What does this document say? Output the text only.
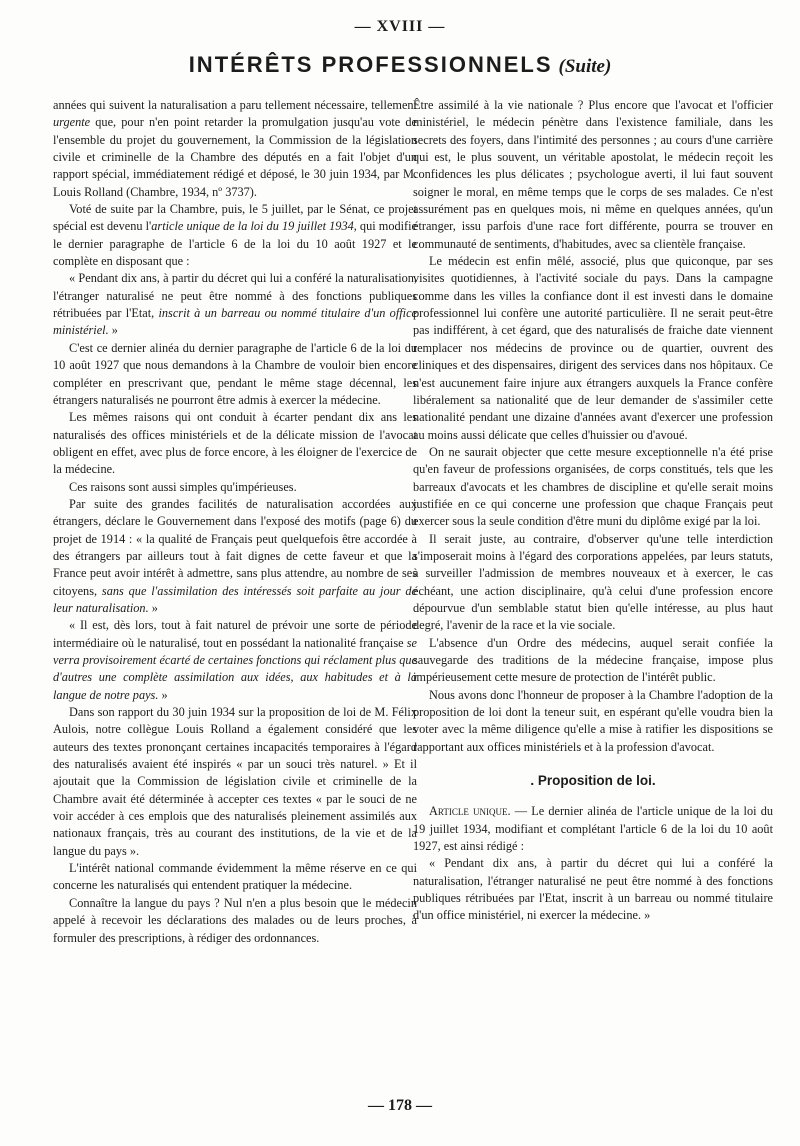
— XVIII —
INTÉRÊTS PROFESSIONNELS (Suite)

années qui suivent la naturalisation a paru tellement nécessaire, tellement urgente que, pour n'en point retarder la promulgation jusqu'au vote de l'ensemble du projet du gouvernement, la Commission de la législation civile et criminelle de la Chambre des députés en a fait l'objet d'un rapport spécial, immédiatement rédigé et déposé, le 30 juin 1934, par M. Louis Rolland (Chambre, 1934, nº 3737).

Voté de suite par la Chambre, puis, le 5 juillet, par le Sénat, ce projet spécial est devenu l'article unique de la loi du 19 juillet 1934, qui modifie le dernier paragraphe de l'article 6 de la loi du 10 août 1927 et le complète en disposant que :

« Pendant dix ans, à partir du décret qui lui a conféré la naturalisation, l'étranger naturalisé ne peut être nommé à des fonctions publiques rétribuées par l'Etat, inscrit à un barreau ou nommé titulaire d'un office ministériel. »

C'est ce dernier alinéa du dernier paragraphe de l'article 6 de la loi du 10 août 1927 que nous demandons à la Chambre de vouloir bien encore compléter en prescrivant que, pendant le même stage décennal, les étrangers naturalisés ne pourront être admis à exercer la médecine.

Les mêmes raisons qui ont conduit à écarter pendant dix ans les naturalisés des offices ministériels et de la délicate mission de l'avocat obligent en effet, avec plus de force encore, à les éloigner de l'exercice de la médecine.

Ces raisons sont aussi simples qu'impérieuses.

Par suite des grandes facilités de naturalisation accordées aux étrangers, déclare le Gouvernement dans l'exposé des motifs (page 6) du projet de 1914 : « la qualité de Français peut quelquefois être accordée à des étrangers par ailleurs tout à fait dignes de cette faveur et que la France peut avoir intérêt à admettre, sans plus attendre, au nombre de ses citoyens, sans que l'assimilation des intéressés soit parfaite au jour de leur naturalisation. »

« Il est, dès lors, tout à fait naturel de prévoir une sorte de période intermédiaire où le naturalisé, tout en possédant la nationalité française se verra provisoirement écarté de certaines fonctions qui réclament plus que d'autres une complète assimilation aux idées, aux habitudes et à la langue de notre pays. »

Dans son rapport du 30 juin 1934 sur la proposition de loi de M. Félix Aulois, notre collègue Louis Rolland a également considéré que les auteurs des textes prononçant certaines incapacités temporaires à l'égard des naturalisés avaient été inspirés « par un souci très naturel. » Et il ajoutait que la Commission de législation civile et criminelle de la Chambre avait été déterminée à accepter ces textes « par le souci de ne voir accéder à ces emplois que des naturalisés pleinement assimilés aux nationaux français, très au courant des institutions, de la vie et de la langue du pays ».

L'intérêt national commande évidemment la même réserve en ce qui concerne les naturalisés qui entendent pratiquer la médecine.

Connaître la langue du pays ? Nul n'en a plus besoin que le médecin appelé à recevoir les déclarations des malades ou de leurs proches, à formuler des prescriptions, à rédiger des ordonnances.

Être assimilé à la vie nationale ? Plus encore que l'avocat et l'officier ministériel, le médecin pénètre dans l'existence familiale, dans les secrets des foyers, dans l'intimité des personnes ; au cours d'une carrière qui est, le plus souvent, un véritable apostolat, le médecin reçoit les confidences les plus délicates ; psychologue averti, il lui faut souvent soigner le moral, en même temps que le corps de ses malades. Ce n'est assurément pas en quelques mois, ni même en quelques années, qu'un étranger, issu parfois d'une race fort différente, pourra se trouver en communauté de sentiments, d'habitudes, avec sa clientèle française.

Le médecin est enfin mêlé, associé, plus que quiconque, par ses visites quotidiennes, à l'activité sociale du pays. Dans la campagne comme dans les villes la confiance dont il est investi dans le domaine professionnel lui confère une autorité particulière. Il ne serait peut-être pas indifférent, à cet égard, que des naturalisés de fraiche date viennent remplacer nos médecins de province ou de quartier, ouvrent des cliniques et des dispensaires, dirigent des services dans nos hôpitaux. Ce n'est aucunement faire injure aux étrangers auxquels la France confère libéralement sa nationalité que de leur demander de s'assimiler cette nationalité pendant une dizaine d'années avant d'exercer une profession au moins aussi délicate que celles d'huissier ou d'avoué.

On ne saurait objecter que cette mesure exceptionnelle n'a été prise qu'en faveur de professions organisées, de corps constitués, tels que les barreaux d'avocats et les chambres de discipline et qu'elle serait moins justifiée en ce qui concerne une profession que chaque Français peut exercer sous la seule condition d'être muni du diplôme exigé par la loi.

Il serait juste, au contraire, d'observer qu'une telle interdiction s'imposerait moins à l'égard des corporations appelées, par leurs statuts, à surveiller l'admission de membres nouveaux et à exercer, le cas échéant, une action disciplinaire, qu'à celui d'une profession encore dépourvue d'un semblable statut bien qu'elle intéresse, au plus haut degré, l'avenir de la race et la vie sociale.

L'absence d'un Ordre des médecins, auquel serait confiée la sauvegarde des traditions de la médecine française, impose plus impérieusement cette mesure de protection de l'intérêt public.

Nous avons donc l'honneur de proposer à la Chambre l'adoption de la proposition de loi dont la teneur suit, en espérant qu'elle voudra bien la voter avec la même diligence qu'elle a mise à ratifier les dispositions se rapportant aux offices ministériels et à la profession d'avocat.

. Proposition de loi.

Article unique. — Le dernier alinéa de l'article unique de la loi du 19 juillet 1934, modifiant et complétant l'article 6 de la loi du 10 août 1927, est ainsi rédigé :

« Pendant dix ans, à partir du décret qui lui a conféré la naturalisation, l'étranger naturalisé ne peut être nommé à des fonctions publiques rétribuées par l'Etat, inscrit à un barreau ou nommé titulaire d'un office ministériel, ni exercer la médecine. »

— 178 —
